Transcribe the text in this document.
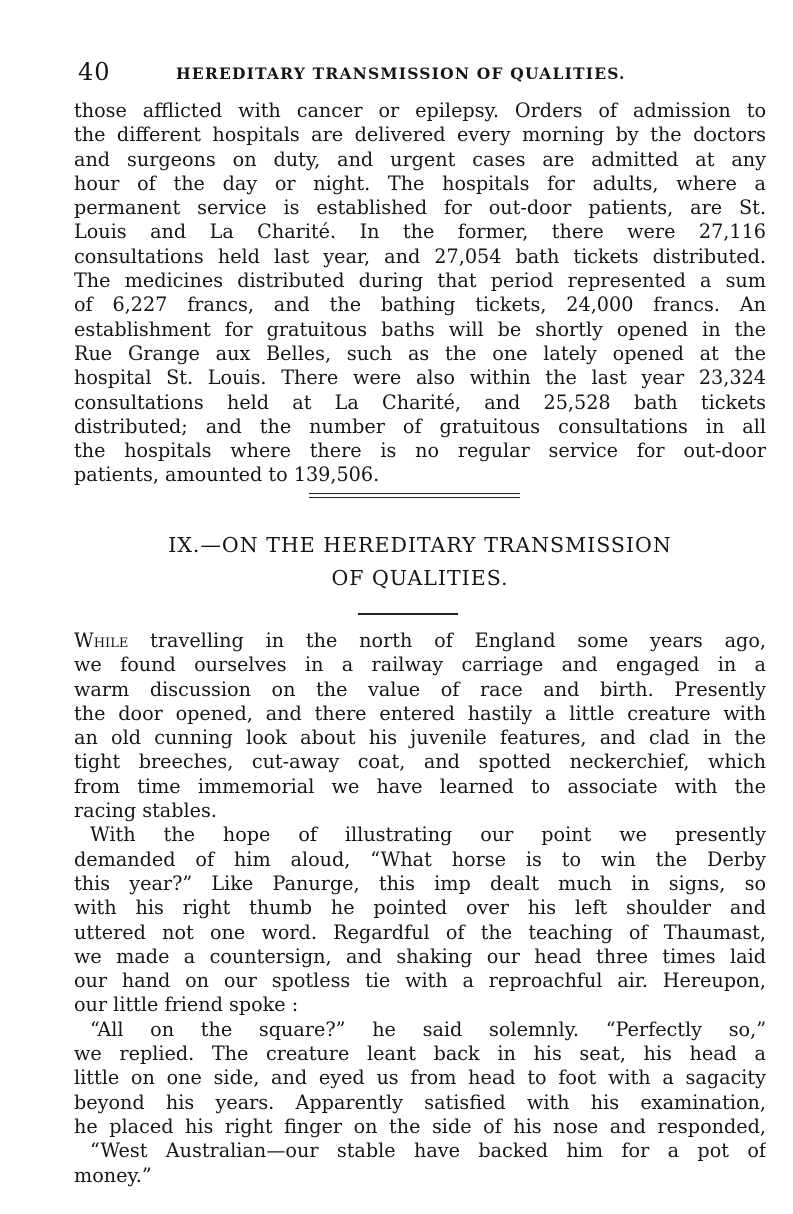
40	HEREDITARY TRANSMISSION OF QUALITIES.
those afflicted with cancer or epilepsy. Orders of admission to
the different hospitals are delivered every morning by the doctors
and surgeons on duty, and urgent cases are admitted at any
hour of the day or night. The hospitals for adults, where a
permanent service is established for out-door patients, are St.
Louis and La Charité. In the former, there were 27,116
consultations held last year, and 27,054 bath tickets distributed.
The medicines distributed during that period represented a sum
of 6,227 francs, and the bathing tickets, 24,000 francs. An
establishment for gratuitous baths will be shortly opened in the
Rue Grange aux Belles, such as the one lately opened at the
hospital St. Louis. There were also within the last year 23,324
consultations held at La Charité, and 25,528 bath tickets
distributed; and the number of gratuitous consultations in all
the hospitals where there is no regular service for out-door
patients, amounted to 139,506.
IX.—ON THE HEREDITARY TRANSMISSION
OF QUALITIES.
While travelling in the north of England some years ago,
we found ourselves in a railway carriage and engaged in a
warm discussion on the value of race and birth. Presently
the door opened, and there entered hastily a little creature with
an old cunning look about his juvenile features, and clad in the
tight breeches, cut-away coat, and spotted neckerchief, which
from time immemorial we have learned to associate with the
racing stables.
With the hope of illustrating our point we presently
demanded of him aloud, “What horse is to win the Derby
this year?” Like Panurge, this imp dealt much in signs, so
with his right thumb he pointed over his left shoulder and
uttered not one word. Regardful of the teaching of Thaumast,
we made a countersign, and shaking our head three times laid
our hand on our spotless tie with a reproachful air. Hereupon,
our little friend spoke :
“All on the square?” he said solemnly. “Perfectly so,”
we replied. The creature leant back in his seat, his head a
little on one side, and eyed us from head to foot with a sagacity
beyond his years. Apparently satisfied with his examination,
he placed his right finger on the side of his nose and responded,
“West Australian—our stable have backed him for a pot of
money.”
